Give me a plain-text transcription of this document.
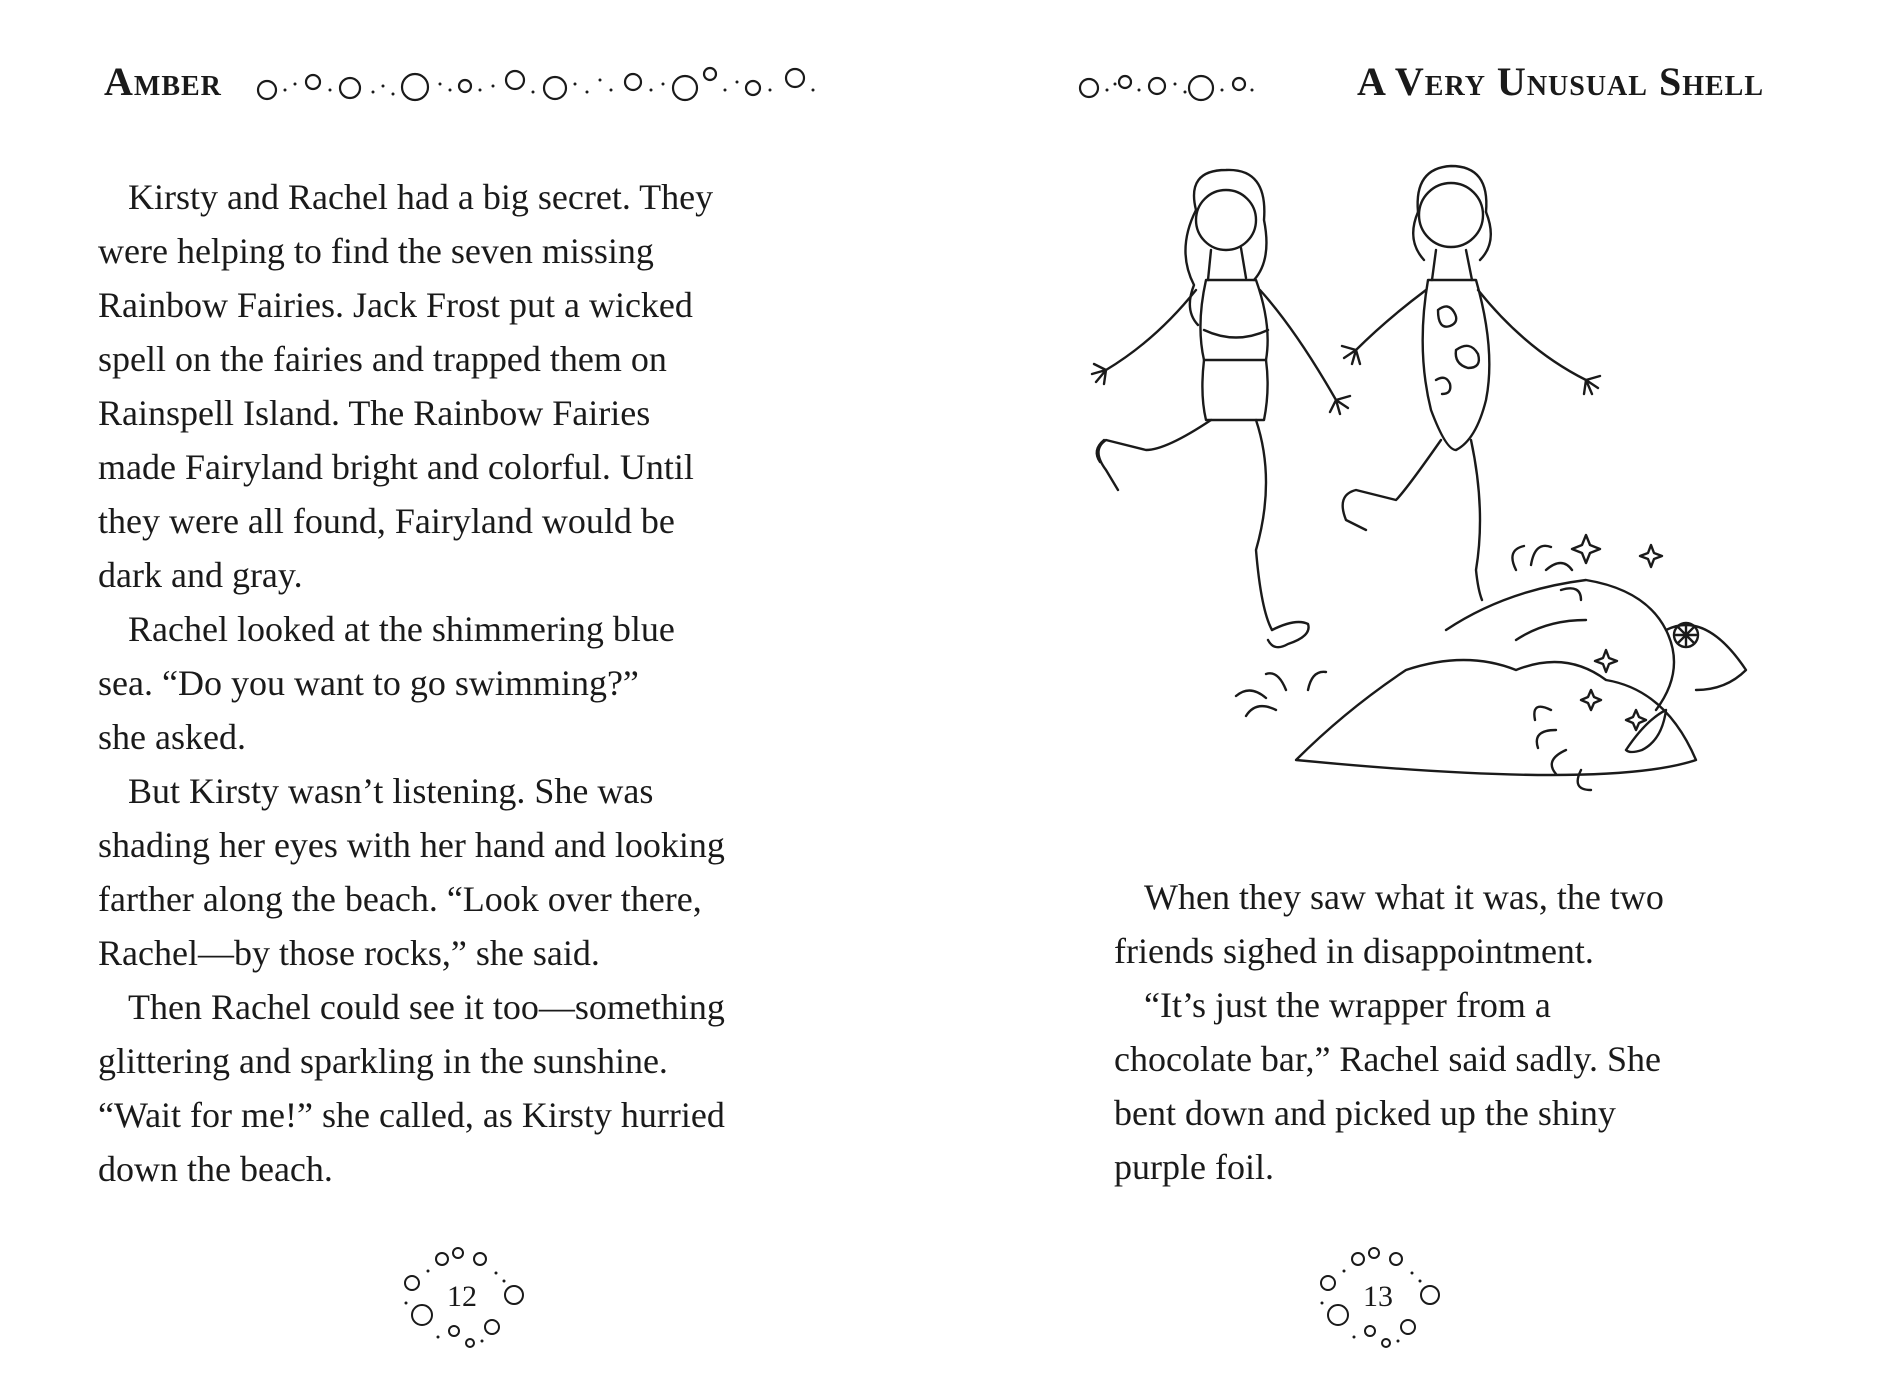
Amber

Kirsty and Rachel had a big secret. They

were helping to find the seven missing

Rainbow Fairies. Jack Frost put a wicked

spell on the fairies and trapped them on

Rainspell Island. The Rainbow Fairies

made Fairyland bright and colorful. Until

they were all found, Fairyland would be

dark and gray.

Rachel looked at the shimmering blue

sea. “Do you want to go swimming?”

she asked.

But Kirsty wasn’t listening. She was

shading her eyes with her hand and looking

farther along the beach. “Look over there,

Rachel—by those rocks,” she said.

Then Rachel could see it too—something

glittering and sparkling in the sunshine.

“Wait for me!” she called, as Kirsty hurried

down the beach.

12
A Very Unusual Shell

When they saw what it was, the two

friends sighed in disappointment.

“It’s just the wrapper from a

chocolate bar,” Rachel said sadly. She

bent down and picked up the shiny

purple foil.

13
